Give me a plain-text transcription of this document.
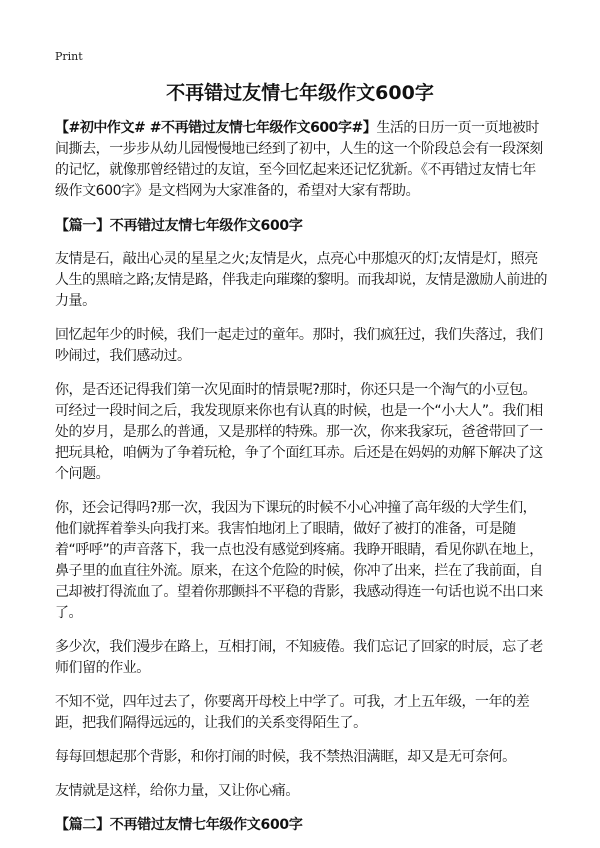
Print
不再错过友情七年级作文600字

【#初中作文# #不再错过友情七年级作文600字#】生活的日历一页一页地被时间撕去，一步步从幼儿园慢慢地已经到了初中，人生的这一个阶段总会有一段深刻的记忆，就像那曾经错过的友谊，至今回忆起来还记忆犹新。《不再错过友情七年级作文600字》是文档网为大家准备的，希望对大家有帮助。

【篇一】不再错过友情七年级作文600字

友情是石，敲出心灵的星星之火;友情是火，点亮心中那熄灭的灯;友情是灯，照亮人生的黑暗之路;友情是路，伴我走向璀璨的黎明。而我却说，友情是激励人前进的力量。

回忆起年少的时候，我们一起走过的童年。那时，我们疯狂过，我们失落过，我们吵闹过，我们感动过。

你，是否还记得我们第一次见面时的情景呢?那时，你还只是一个淘气的小豆包。可经过一段时间之后，我发现原来你也有认真的时候，也是一个“小大人”。我们相处的岁月，是那么的普通，又是那样的特殊。那一次，你来我家玩，爸爸带回了一把玩具枪，咱俩为了争着玩枪，争了个面红耳赤。后还是在妈妈的劝解下解决了这个问题。

你，还会记得吗?那一次，我因为下课玩的时候不小心冲撞了高年级的大学生们，他们就挥着拳头向我打来。我害怕地闭上了眼睛，做好了被打的准备，可是随着“呼呼”的声音落下，我一点也没有感觉到疼痛。我睁开眼睛，看见你趴在地上，鼻子里的血直往外流。原来，在这个危险的时候，你冲了出来，拦在了我前面，自己却被打得流血了。望着你那颤抖不平稳的背影，我感动得连一句话也说不出口来了。

多少次，我们漫步在路上，互相打闹，不知疲倦。我们忘记了回家的时辰，忘了老师们留的作业。

不知不觉，四年过去了，你要离开母校上中学了。可我，才上五年级，一年的差距，把我们隔得远远的，让我们的关系变得陌生了。

每每回想起那个背影，和你打闹的时候，我不禁热泪满眶，却又是无可奈何。

友情就是这样，给你力量，又让你心痛。

【篇二】不再错过友情七年级作文600字
